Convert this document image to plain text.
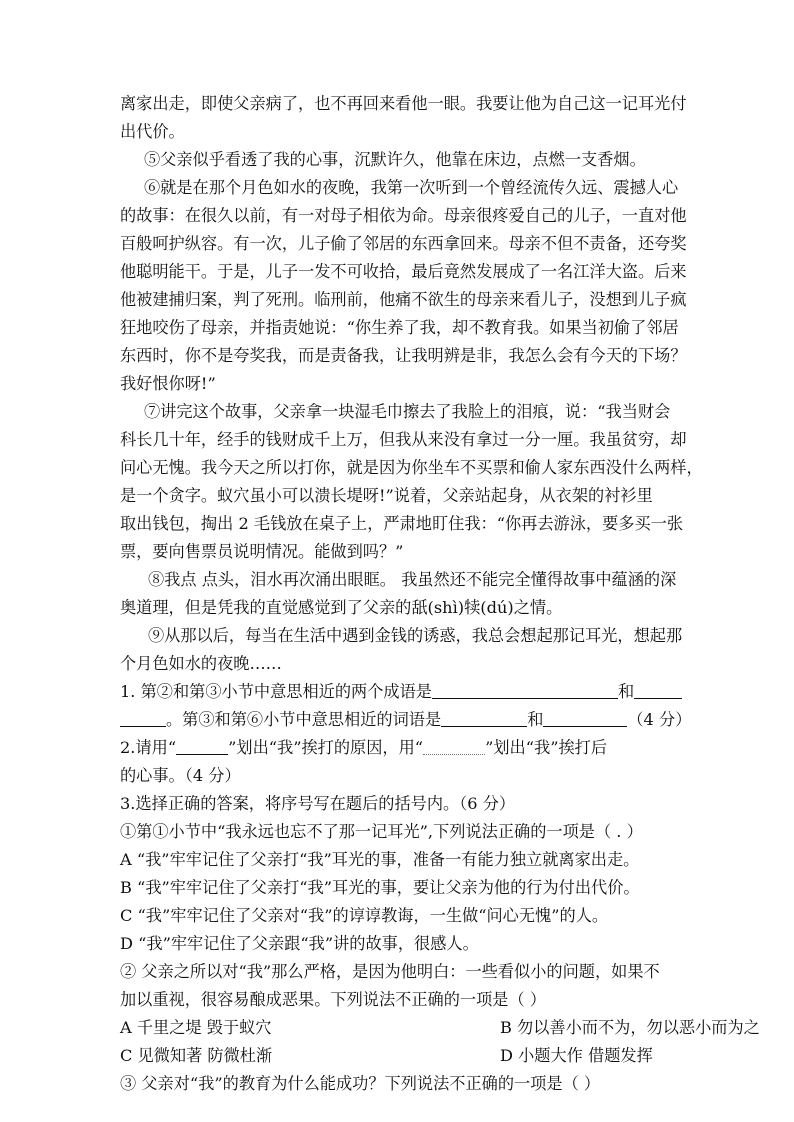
离家出走，即使父亲病了，也不再回来看他一眼。我要让他为自己这一记耳光付
出代价。
⑤父亲似乎看透了我的心事，沉默许久，他靠在床边，点燃一支香烟。
⑥就是在那个月色如水的夜晚，我第一次听到一个曾经流传久远、震撼人心
的故事：在很久以前，有一对母子相依为命。母亲很疼爱自己的儿子，一直对他
百般呵护纵容。有一次，儿子偷了邻居的东西拿回来。母亲不但不责备，还夸奖
他聪明能干。于是，儿子一发不可收拾，最后竟然发展成了一名江洋大盗。后来
他被建捕归案，判了死刑。临刑前，他痛不欲生的母亲来看儿子，没想到儿子疯
狂地咬伤了母亲，并指责她说：“你生养了我，却不教育我。如果当初偷了邻居
东西时，你不是夸奖我，而是责备我，让我明辨是非，我怎么会有今天的下场？
我好恨你呀!”
⑦讲完这个故事，父亲拿一块湿毛巾擦去了我脸上的泪痕，说：“我当财会
科长几十年，经手的钱财成千上万，但我从来没有拿过一分一厘。我虽贫穷，却
问心无愧。我今天之所以打你，就是因为你坐车不买票和偷人家东西没什么两样，
是一个贪字。蚁穴虽小可以溃长堤呀!”说着，父亲站起身，从衣架的衬衫里
取出钱包，掏出 2 毛钱放在桌子上，严肃地盯住我：“你再去游泳，要多买一张
票，要向售票员说明情况。能做到吗？”
⑧我点 点头，泪水再次涌出眼眶。 我虽然还不能完全懂得故事中蕴涵的深
奥道理，但是凭我的直觉感觉到了父亲的舐(shì)犊(dú)之情。
⑨从那以后，每当在生活中遇到金钱的诱惑，我总会想起那记耳光，想起那
个月色如水的夜晚……
1. 第②和第③小节中意思相近的两个成语是	和
。第③和第⑥小节中意思相近的词语是	和	（4 分）
2.请用“	”划出“我”挨打的原因，用“	”划出“我”挨打后
的心事。（4 分）
3.选择正确的答案，将序号写在题后的括号内。（6 分）
①第①小节中“我永远也忘不了那一记耳光”,下列说法正确的一项是（ . ）
A “我”牢牢记住了父亲打“我”耳光的事，准备一有能力独立就离家出走。
B “我”牢牢记住了父亲打“我”耳光的事，要让父亲为他的行为付出代价。
C “我”牢牢记住了父亲对“我”的谆谆教诲，一生做“问心无愧”的人。
D “我”牢牢记住了父亲跟“我”讲的故事，很感人。
② 父亲之所以对“我”那么严格，是因为他明白：一些看似小的问题，如果不
加以重视，很容易酿成恶果。下列说法不正确的一项是（ ）
A 千里之堤 毁于蚁穴	B 勿以善小而不为，勿以恶小而为之
C 见微知著 防微杜渐	D 小题大作 借题发挥
③ 父亲对“我”的教育为什么能成功？下列说法不正确的一项是（ ）
